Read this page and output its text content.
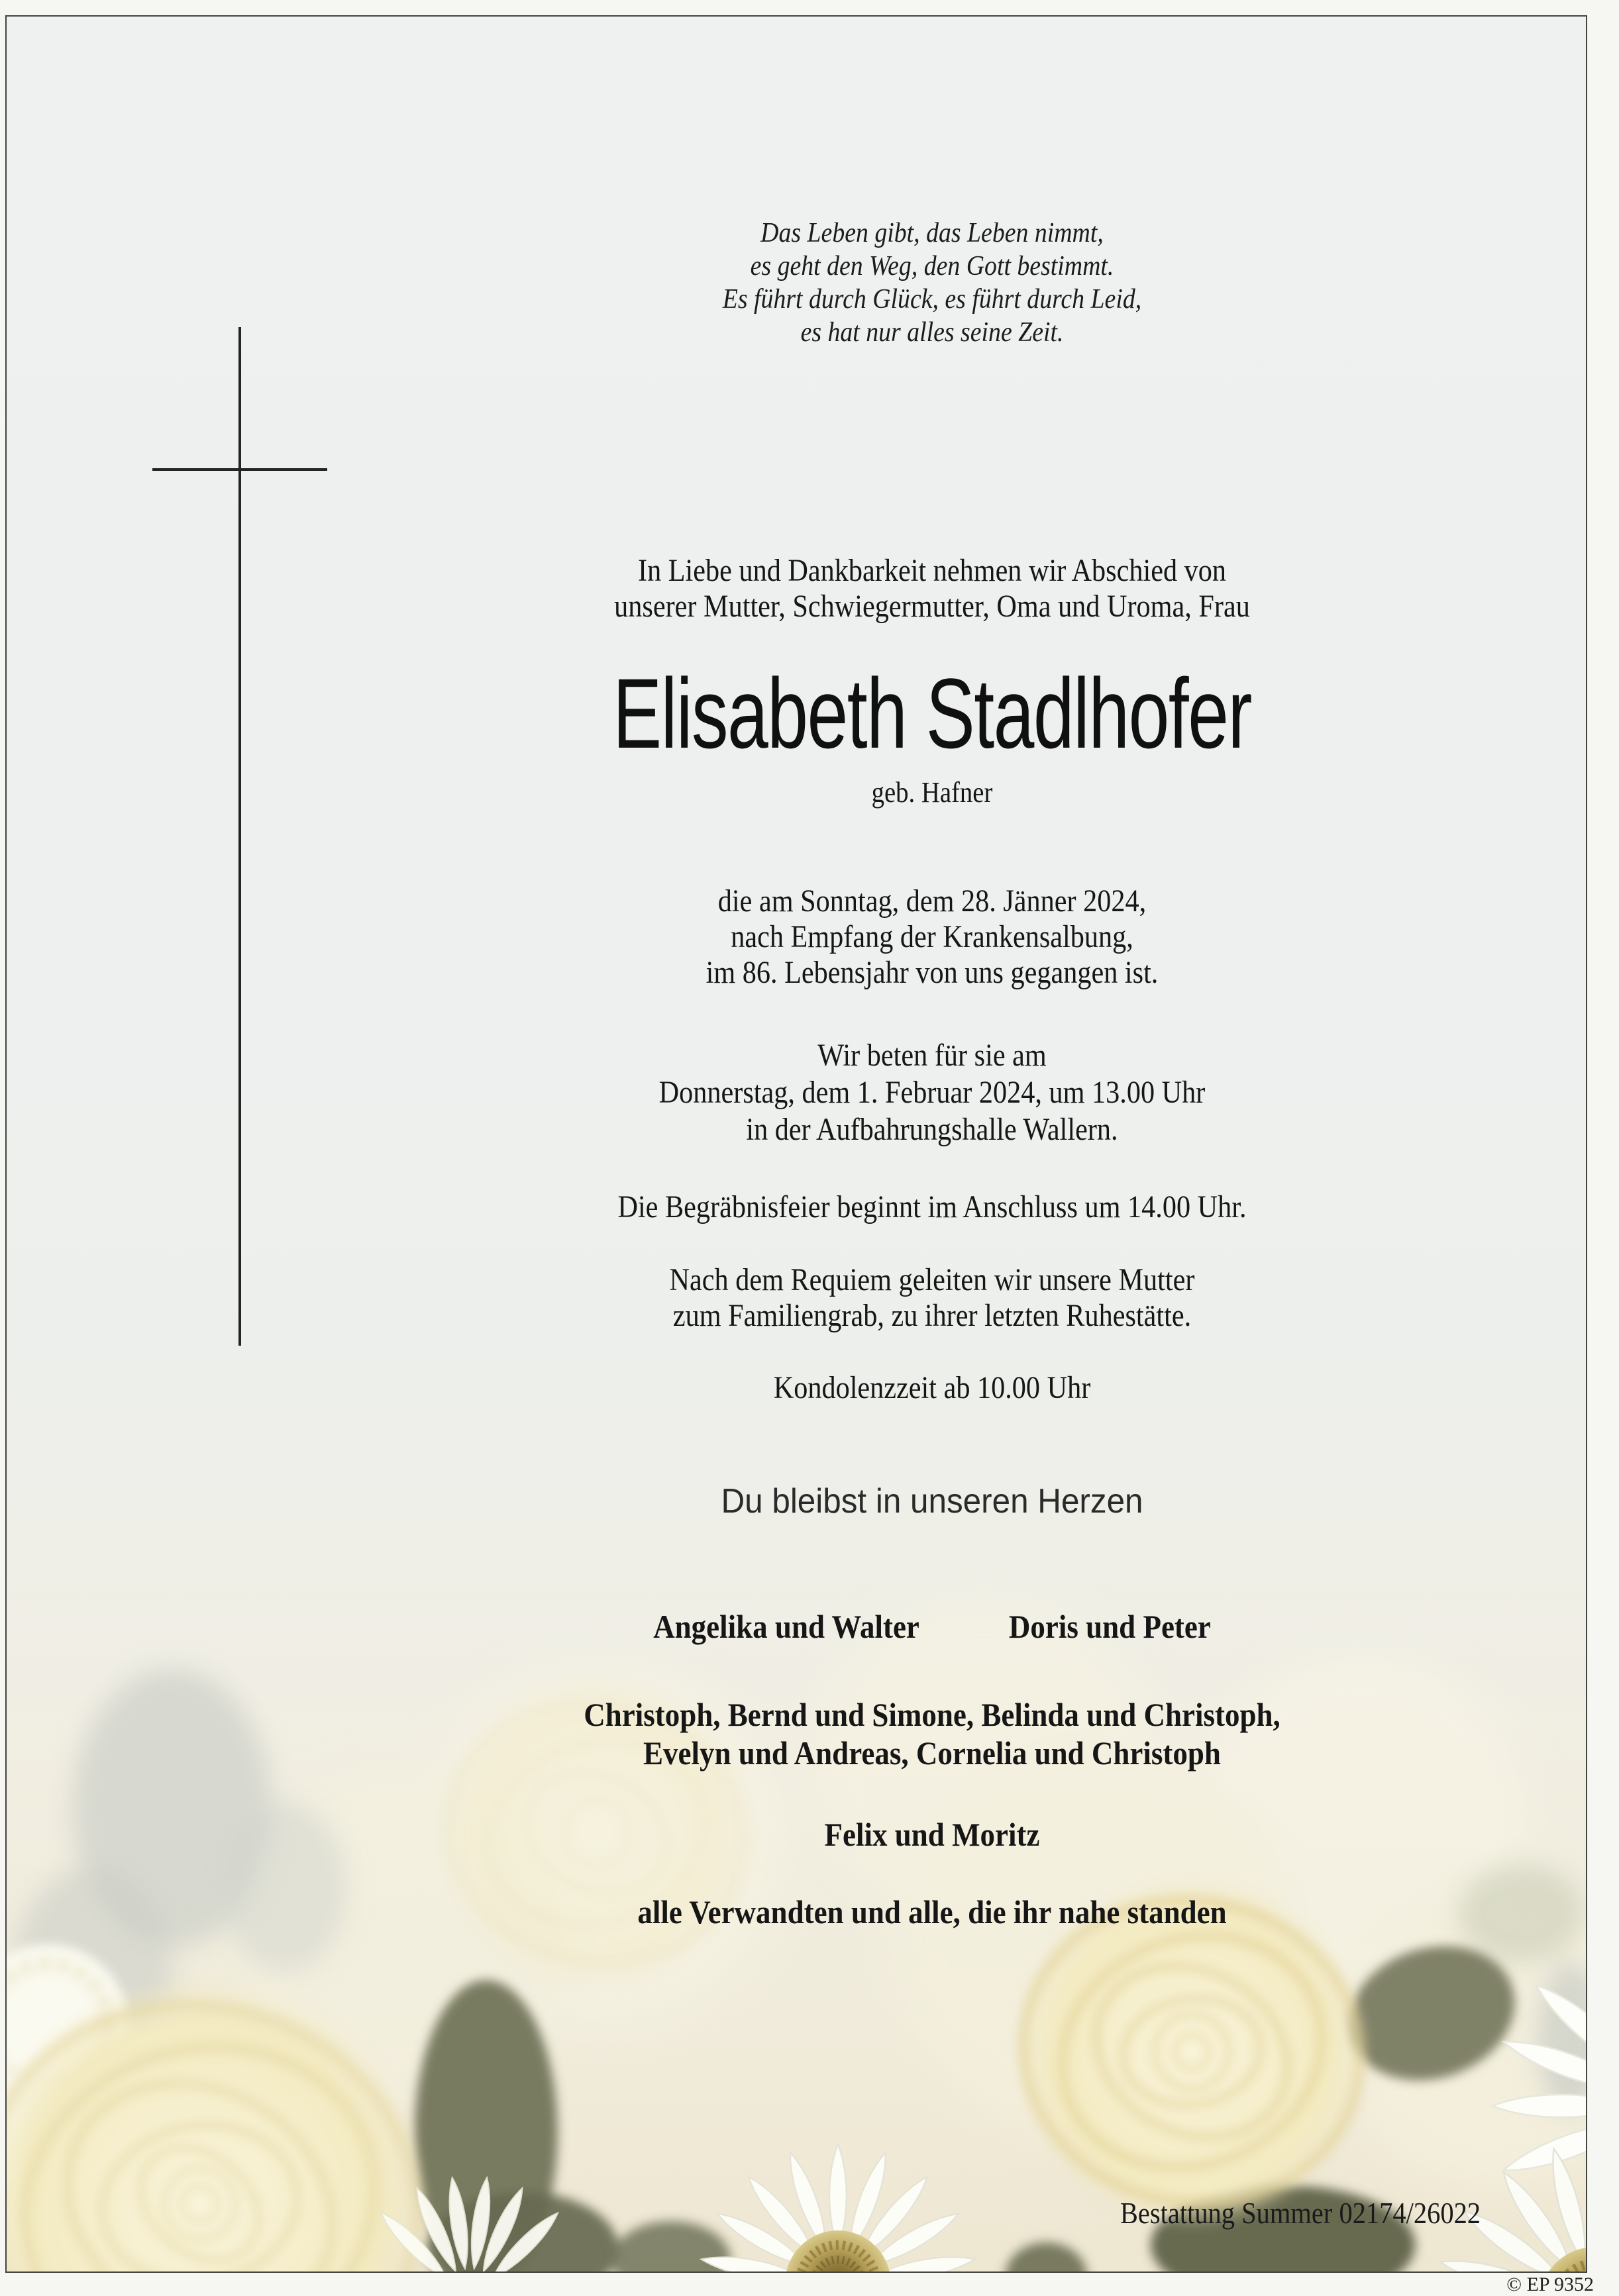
Das Leben gibt, das Leben nimmt,
es geht den Weg, den Gott bestimmt.
Es führt durch Glück, es führt durch Leid,
es hat nur alles seine Zeit.
In Liebe und Dankbarkeit nehmen wir Abschied von
unserer Mutter, Schwiegermutter, Oma und Uroma, Frau
Elisabeth Stadlhofer
geb. Hafner
die am Sonntag, dem 28. Jänner 2024,
nach Empfang der Krankensalbung,
im 86. Lebensjahr von uns gegangen ist.
Wir beten für sie am
Donnerstag, dem 1. Februar 2024, um 13.00 Uhr
in der Aufbahrungshalle Wallern.
Die Begräbnisfeier beginnt im Anschluss um 14.00 Uhr.
Nach dem Requiem geleiten wir unsere Mutter
zum Familiengrab, zu ihrer letzten Ruhestätte.
Kondolenzzeit ab 10.00 Uhr
Du bleibst in unseren Herzen
Angelika und Walter	Doris und Peter
Christoph, Bernd und Simone, Belinda und Christoph,
Evelyn und Andreas, Cornelia und Christoph
Felix und Moritz
alle Verwandten und alle, die ihr nahe standen
Bestattung Summer 02174/26022
© EP 9352
